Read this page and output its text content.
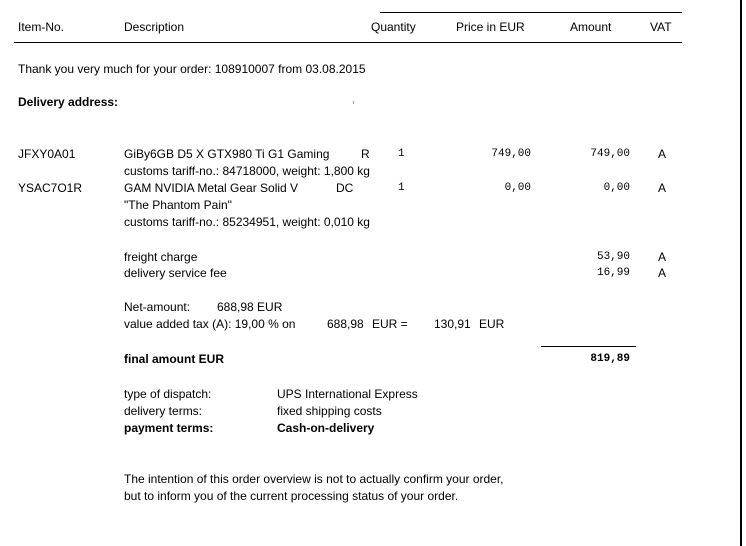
Item-No.	Description	Quantity	Price in EUR	Amount	VAT
Thank you very much for your order: 108910007 from 03.08.2015
Delivery address:
JFXY0A01	GiBy6GB D5 X GTX980 Ti G1 Gaming	R	1	749,00	749,00 A
customs tariff-no.: 84718000, weight: 1,800 kg
YSAC7O1R	GAM NVIDIA Metal Gear Solid V	DC	1	0,00	0,00 A
"The Phantom Pain"
customs tariff-no.: 85234951, weight: 0,010 kg
freight charge	53,90 A
delivery service fee	16,99 A
Net-amount: 688,98 EUR
value added tax (A): 19,00 % on	688,98 EUR = 130,91 EUR
final amount EUR	819,89
type of dispatch:	UPS International Express
delivery terms:	fixed shipping costs
payment terms:	Cash-on-delivery
The intention of this order overview is not to actually confirm your order,
but to inform you of the current processing status of your order.
